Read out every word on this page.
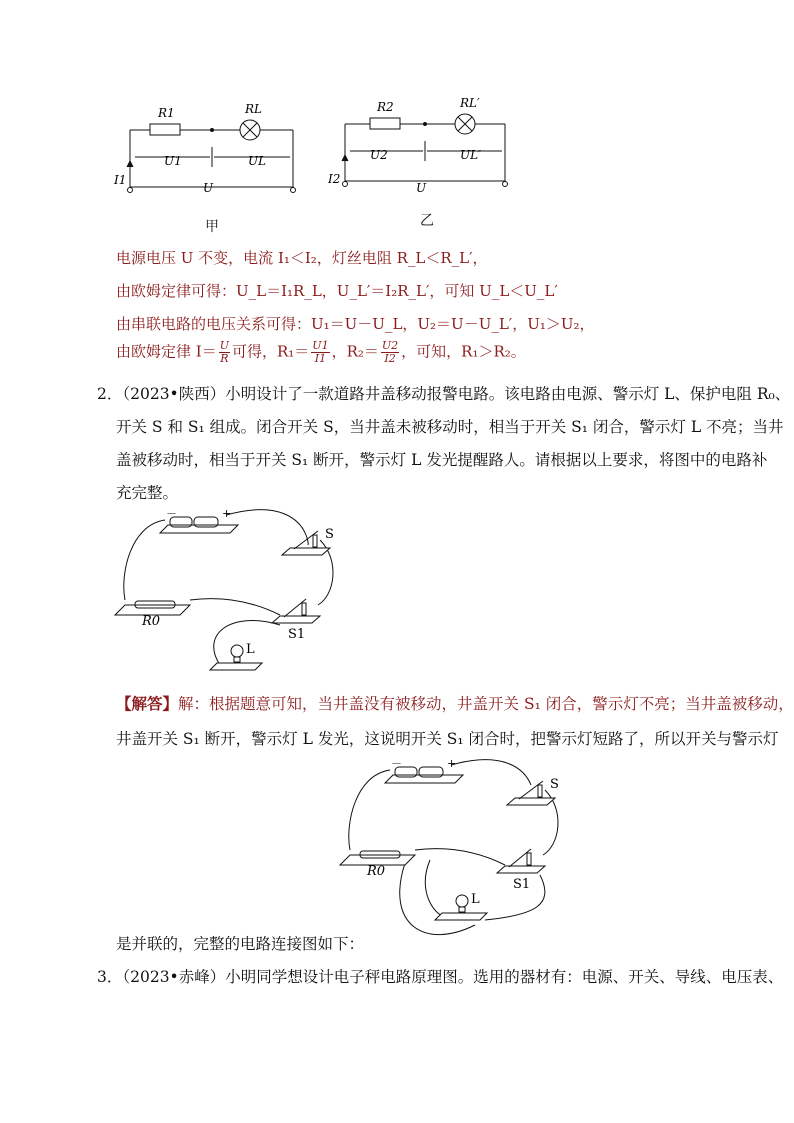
R1	RL
U1	UL
U
I1
R2	RL′
U2	UL′
U
I2
甲	乙
电源电压 U 不变，电流 I₁＜I₂，灯丝电阻 R_L＜R_L′，
由欧姆定律可得：U_L＝I₁R_L，U_L′＝I₂R_L′，可知 U_L＜U_L′
由串联电路的电压关系可得：U₁＝U－U_L，U₂＝U－U_L′，U₁＞U₂，
由欧姆定律 $I= \frac{U}{R}$ 可得，$R_1= \frac{U1}{I1}$ ，$R_2= \frac{U2}{I2}$ ，可知，R₁＞R₂。
2．（2023•陕西）小明设计了一款道路井盖移动报警电路。该电路由电源、警示灯 L、保护电阻 R₀、
开关 S 和 S₁ 组成。闭合开关 S，当井盖未被移动时，相当于开关 S₁ 闭合，警示灯 L 不亮；当井
盖被移动时，相当于开关 S₁ 断开，警示灯 L 发光提醒路人。请根据以上要求，将图中的电路补
充完整。
－	+
S
R0
S1
L
【解答】解：根据题意可知，当井盖没有被移动，井盖开关 S₁ 闭合，警示灯不亮；当井盖被移动，
井盖开关 S₁ 断开，警示灯 L 发光，这说明开关 S₁ 闭合时，把警示灯短路了，所以开关与警示灯
－	+
S
R0
S1
L
是并联的，完整的电路连接图如下：
3．（2023•赤峰）小明同学想设计电子秤电路原理图。选用的器材有：电源、开关、导线、电压表、
